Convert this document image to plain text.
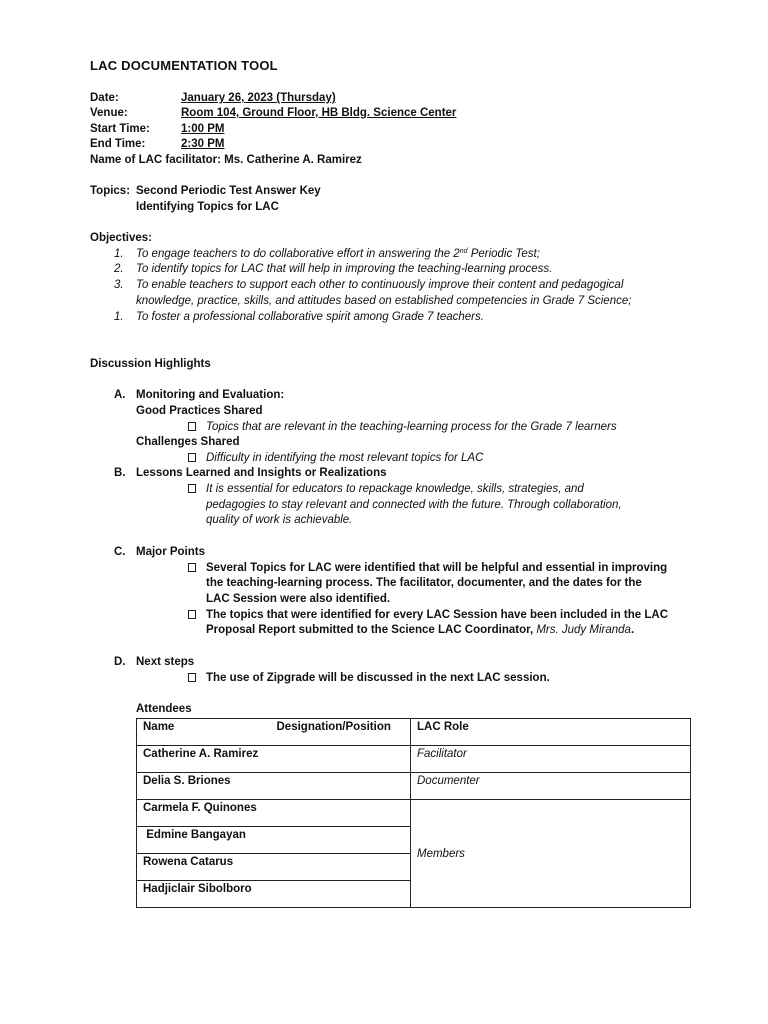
LAC DOCUMENTATION TOOL
Date:	January 26, 2023 (Thursday)
Venue:	Room 104, Ground Floor, HB Bldg. Science Center
Start Time:	1:00 PM
End Time:	2:30 PM
Name of LAC facilitator: Ms. Catherine A. Ramirez
Topics: Second Periodic Test Answer Key
Identifying Topics for LAC
Objectives:
1. To engage teachers to do collaborative effort in answering the 2nd Periodic Test;
2. To identify topics for LAC that will help in improving the teaching-learning process.
3. To enable teachers to support each other to continuously improve their content and pedagogical
knowledge, practice, skills, and attitudes based on established competencies in Grade 7 Science;
1. To foster a professional collaborative spirit among Grade 7 teachers.
Discussion Highlights
A. Monitoring and Evaluation:
Good Practices Shared
Topics that are relevant in the teaching-learning process for the Grade 7 learners
Challenges Shared
Difficulty in identifying the most relevant topics for LAC
B. Lessons Learned and Insights or Realizations
It is essential for educators to repackage knowledge, skills, strategies, and
pedagogies to stay relevant and connected with the future. Through collaboration,
quality of work is achievable.
C. Major Points
Several Topics for LAC were identified that will be helpful and essential in improving
the teaching-learning process. The facilitator, documenter, and the dates for the
LAC Session were also identified.
The topics that were identified for every LAC Session have been included in the LAC
Proposal Report submitted to the Science LAC Coordinator, Mrs. Judy Miranda.
D. Next steps
The use of Zipgrade will be discussed in the next LAC session.
Attendees
Name Designation/Position	LAC Role
Catherine A. Ramirez	Facilitator
Delia S. Briones	Documenter
Carmela F. Quinones	Members
Edmine Bangayan	
Rowena Catarus	
Hadjiclair Sibolboro	
